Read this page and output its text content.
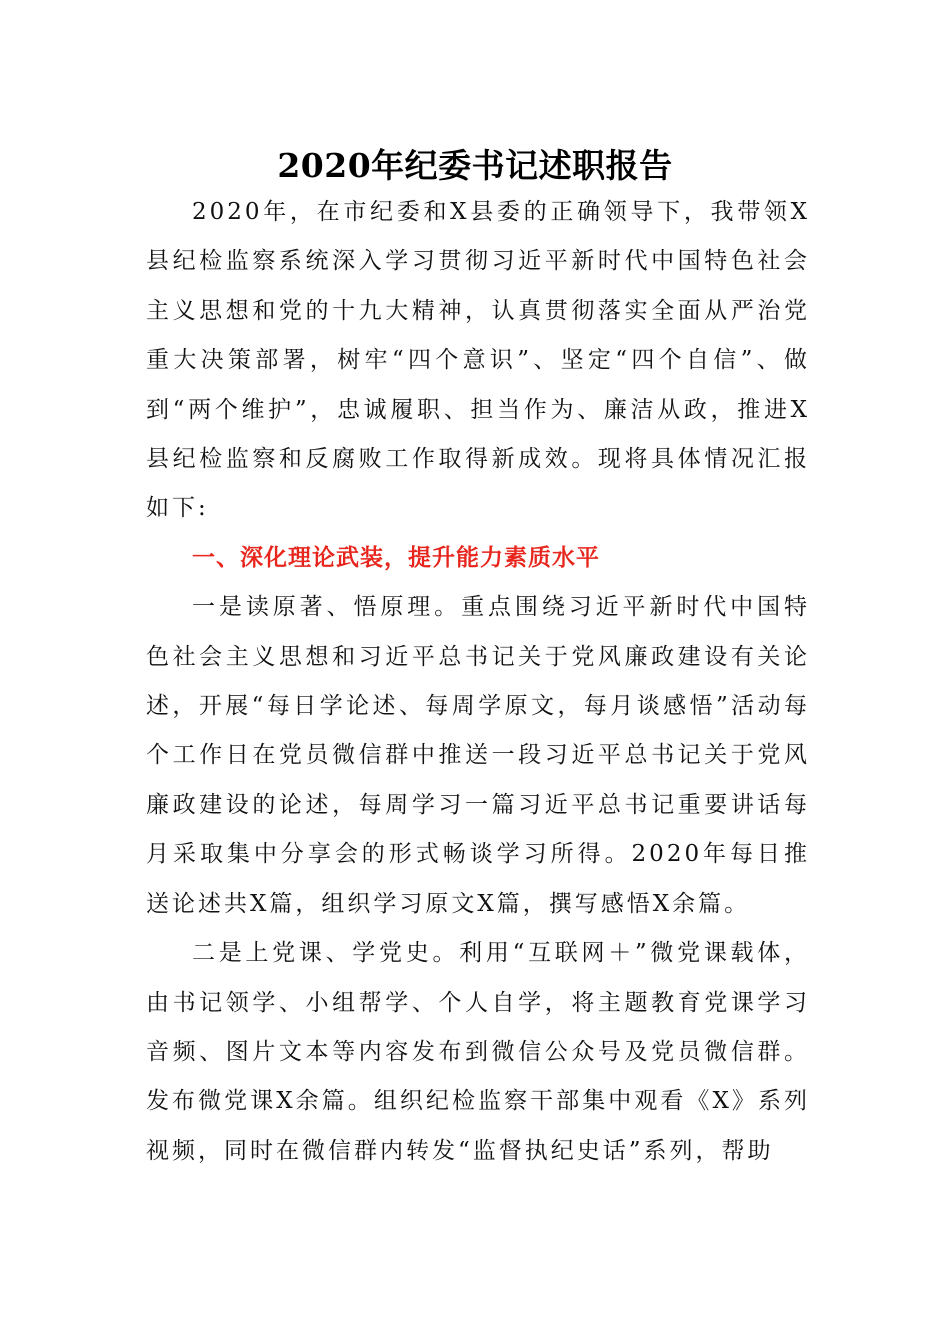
2020年纪委书记述职报告

2020年，在市纪委和X县委的正确领导下，我带领X县纪检监察系统深入学习贯彻习近平新时代中国特色社会主义思想和党的十九大精神，认真贯彻落实全面从严治党重大决策部署，树牢“四个意识”、坚定“四个自信”、做到“两个维护”，忠诚履职、担当作为、廉洁从政，推进X县纪检监察和反腐败工作取得新成效。现将具体情况汇报如下:

一、深化理论武装，提升能力素质水平

一是读原著、悟原理。重点围绕习近平新时代中国特色社会主义思想和习近平总书记关于党风廉政建设有关论述，开展“每日学论述、每周学原文，每月谈感悟”活动每个工作日在党员微信群中推送一段习近平总书记关于党风廉政建设的论述，每周学习一篇习近平总书记重要讲话每月采取集中分享会的形式畅谈学习所得。2020年每日推送论述共X篇，组织学习原文X篇，撰写感悟X余篇。

二是上党课、学党史。利用“互联网＋”微党课载体，由书记领学、小组帮学、个人自学，将主题教育党课学习音频、图片文本等内容发布到微信公众号及党员微信群。发布微党课X余篇。组织纪检监察干部集中观看《X》系列视频，同时在微信群内转发“监督执纪史话”系列，帮助
